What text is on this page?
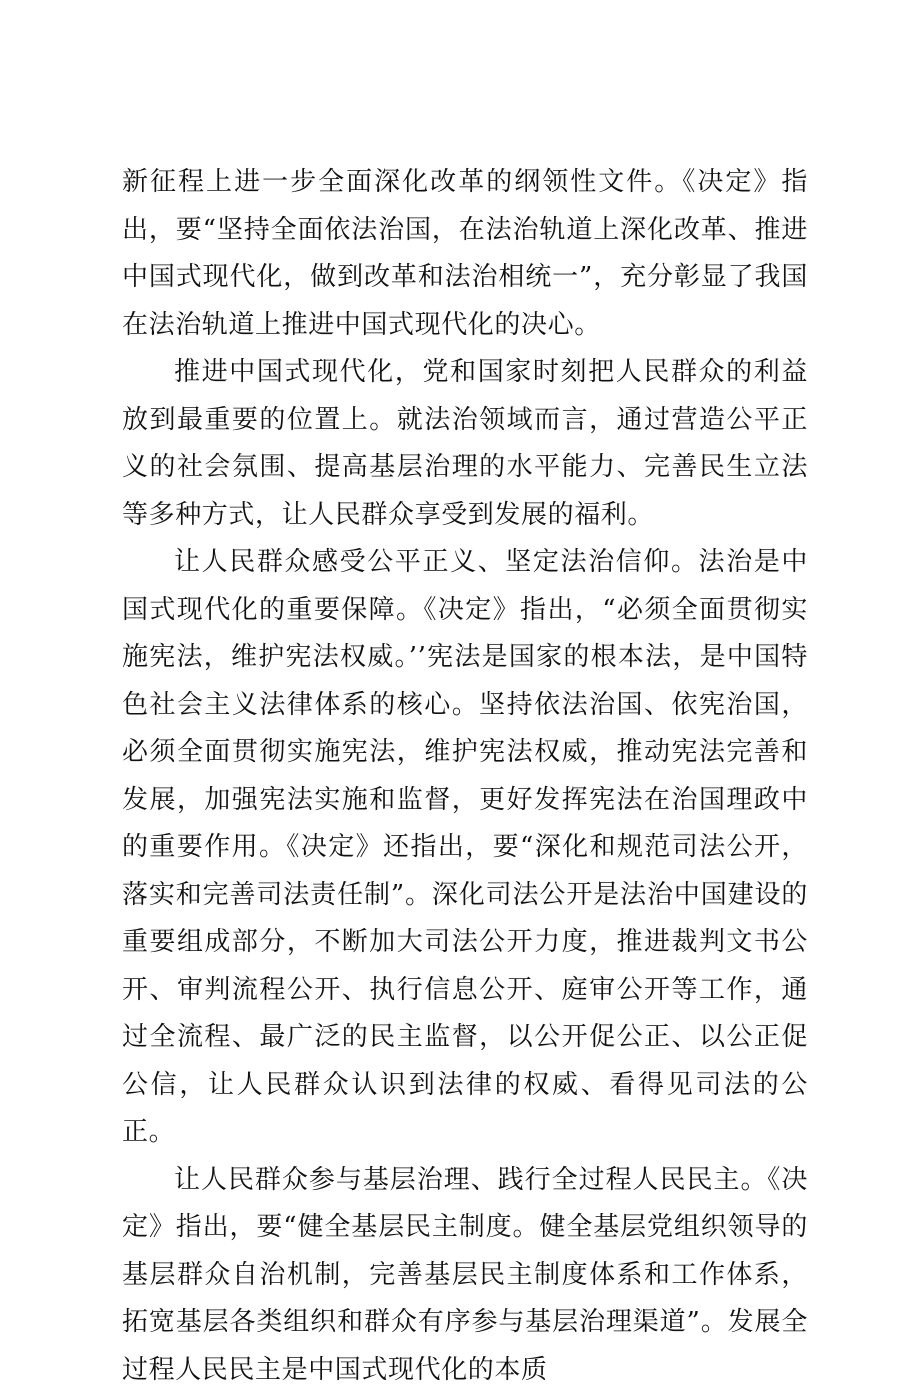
新征程上进一步全面深化改革的纲领性文件。《决定》指出，要“坚持全面依法治国，在法治轨道上深化改革、推进中国式现代化，做到改革和法治相统一”，充分彰显了我国在法治轨道上推进中国式现代化的决心。

推进中国式现代化，党和国家时刻把人民群众的利益放到最重要的位置上。就法治领域而言，通过营造公平正义的社会氛围、提高基层治理的水平能力、完善民生立法等多种方式，让人民群众享受到发展的福利。

让人民群众感受公平正义、坚定法治信仰。法治是中国式现代化的重要保障。《决定》指出，“必须全面贯彻实施宪法，维护宪法权威。’’宪法是国家的根本法，是中国特色社会主义法律体系的核心。坚持依法治国、依宪治国，必须全面贯彻实施宪法，维护宪法权威，推动宪法完善和发展，加强宪法实施和监督，更好发挥宪法在治国理政中的重要作用。《决定》还指出，要“深化和规范司法公开，落实和完善司法责任制”。深化司法公开是法治中国建设的重要组成部分，不断加大司法公开力度，推进裁判文书公开、审判流程公开、执行信息公开、庭审公开等工作，通过全流程、最广泛的民主监督，以公开促公正、以公正促公信，让人民群众认识到法律的权威、看得见司法的公正。

让人民群众参与基层治理、践行全过程人民民主。《决定》指出，要“健全基层民主制度。健全基层党组织领导的基层群众自治机制，完善基层民主制度体系和工作体系，拓宽基层各类组织和群众有序参与基层治理渠道”。发展全过程人民民主是中国式现代化的本质
